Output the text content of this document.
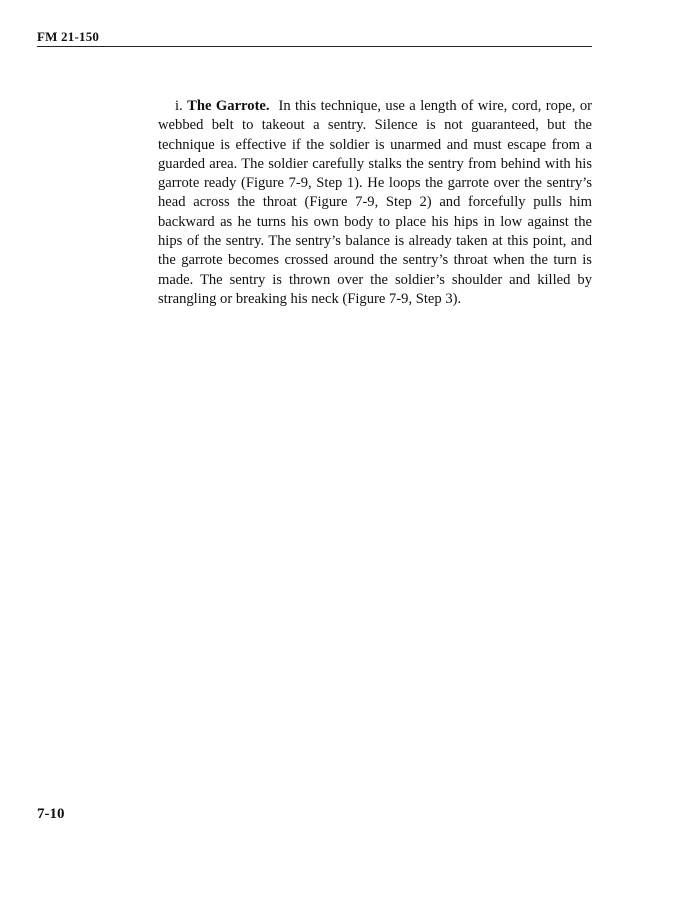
FM 21-150

i. The Garrote. In this technique, use a length of wire, cord, rope, or webbed belt to takeout a sentry. Silence is not guaranteed, but the technique is effective if the soldier is unarmed and must escape from a guarded area. The soldier carefully stalks the sentry from behind with his garrote ready (Figure 7-9, Step 1). He loops the garrote over the sentry’s head across the throat (Figure 7-9, Step 2) and forcefully pulls him backward as he turns his own body to place his hips in low against the hips of the sentry. The sentry’s balance is already taken at this point, and the garrote becomes crossed around the sentry’s throat when the turn is made. The sentry is thrown over the soldier’s shoulder and killed by strangling or breaking his neck (Figure 7-9, Step 3).

7-10
